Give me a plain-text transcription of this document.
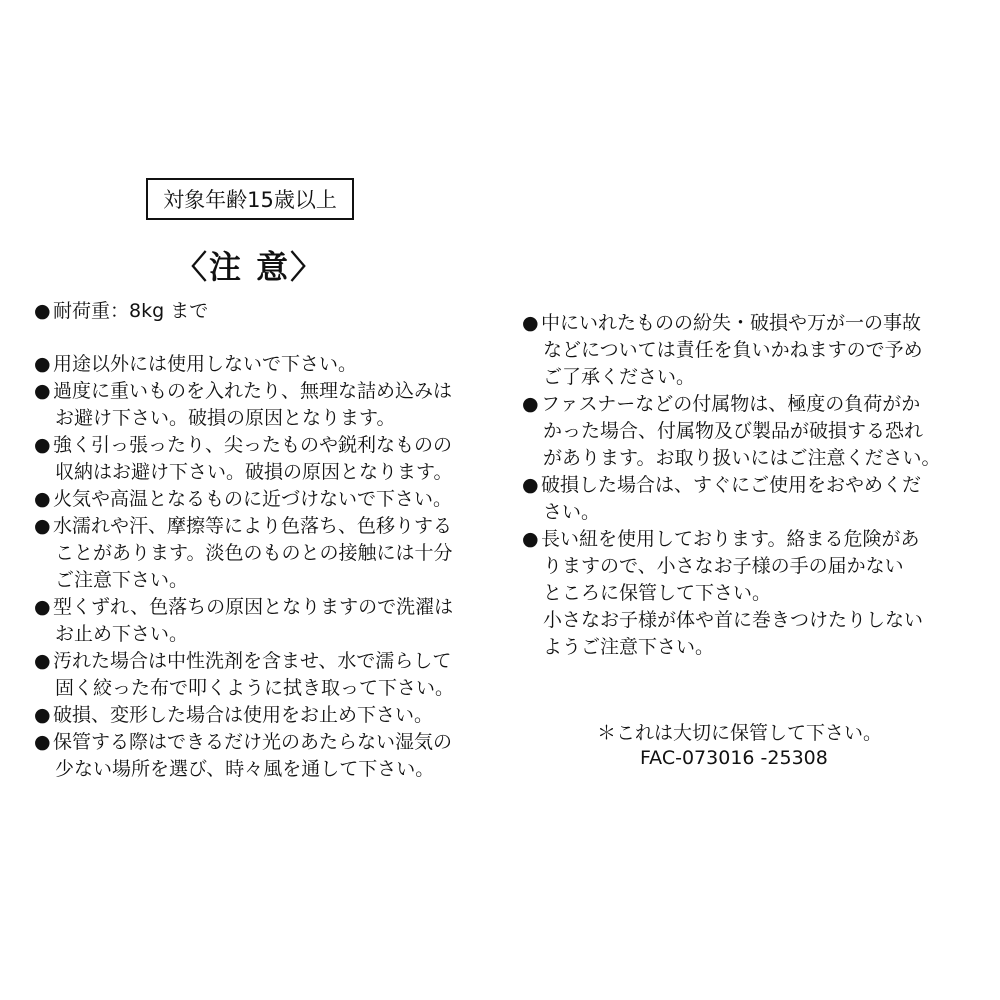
対象年齢15歳以上
〈注 意〉
● 耐荷重：8kg まで
● 用途以外には使用しないで下さい。
● 過度に重いものを入れたり、無理な詰め込みは
お避け下さい。破損の原因となります。
● 強く引っ張ったり、尖ったものや鋭利なものの
収納はお避け下さい。破損の原因となります。
● 火気や高温となるものに近づけないで下さい。
● 水濡れや汗、摩擦等により色落ち、色移りする
ことがあります。淡色のものとの接触には十分
ご注意下さい。
● 型くずれ、色落ちの原因となりますので洗濯は
お止め下さい。
● 汚れた場合は中性洗剤を含ませ、水で濡らして
固く絞った布で叩くように拭き取って下さい。
● 破損、変形した場合は使用をお止め下さい。
● 保管する際はできるだけ光のあたらない湿気の
少ない場所を選び、時々風を通して下さい。
● 中にいれたものの紛失・破損や万が一の事故
などについては責任を負いかねますので予め
ご了承ください。
● ファスナーなどの付属物は、極度の負荷がか
かった場合、付属物及び製品が破損する恐れ
があります。お取り扱いにはご注意ください。
● 破損した場合は、すぐにご使用をおやめくだ
さい。
● 長い紐を使用しております。絡まる危険があ
りますので、小さなお子様の手の届かない
ところに保管して下さい。
小さなお子様が体や首に巻きつけたりしない
ようご注意下さい。
＊これは大切に保管して下さい。
FAC-073016 -25308
